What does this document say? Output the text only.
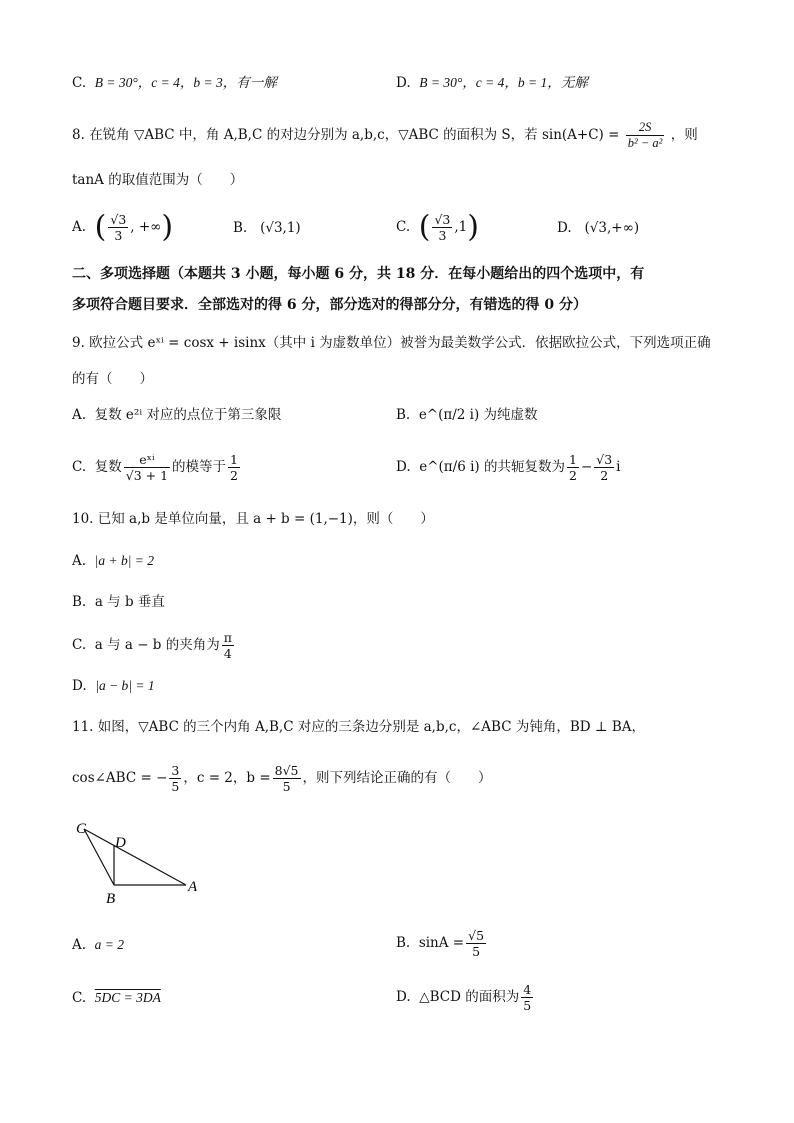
C. B = 30°，c = 4，b = 3，有一解	D. B = 30°，c = 4，b = 1，无解
8. 在锐角 ▽ABC 中，角 A,B,C 的对边分别为 a,b,c，▽ABC 的面积为 S，若 $\sin(A+C) = \frac{2S}{\text{b² − a²}}$ ，则
tanA 的取值范围为（　　）
A. ( $\frac{√3}{3}$ , +∞)	B. (√3,1)	C. ( $\frac{√3}{3} ,1$)	D. (√3,+∞)
二、多项选择题（本题共 3 小题，每小题 6 分，共 18 分．在每小题给出的四个选项中，有
多项符合题目要求．全部选对的得 6 分，部分选对的得部分分，有错选的得 0 分）
9. 欧拉公式 eˣⁱ = cosx + isinx（其中 i 为虚数单位）被誉为最美数学公式．依据欧拉公式，下列选项正确
的有（　　）
A. 复数 e²ⁱ 对应的点位于第三象限	B. e^(π/2 i) 为纯虚数
C. 复数 $\frac{\text{eˣⁱ}}{√3 + 1}$ 的模等于 $\frac{1}{2}$	D. e^(π/6 i) 的共轭复数为 $\frac{1}{2} - \frac{√3}{2}$ i
10. 已知 a,b 是单位向量，且 a + b = (1,−1)，则（　　）
A. |a + b| = 2
B. a 与 b 垂直
C. a 与 a − b 的夹角为 $\frac{\pi}{4}$
D. |a − b| = 1
11. 如图，▽ABC 的三个内角 A,B,C 对应的三条边分别是 a,b,c，∠ABC 为钝角，BD ⊥ BA，
cos∠ABC = − $\frac{3}{5}$ ，c = 2，$b = \frac{8√5}{5}$ ，则下列结论正确的有（　　）
C
D
B
A
A. a = 2	B. $\sin A = \frac{√5}{5}$
C. 5DC = 3DA	D. △BCD 的面积为 $\frac{4}{5}$
